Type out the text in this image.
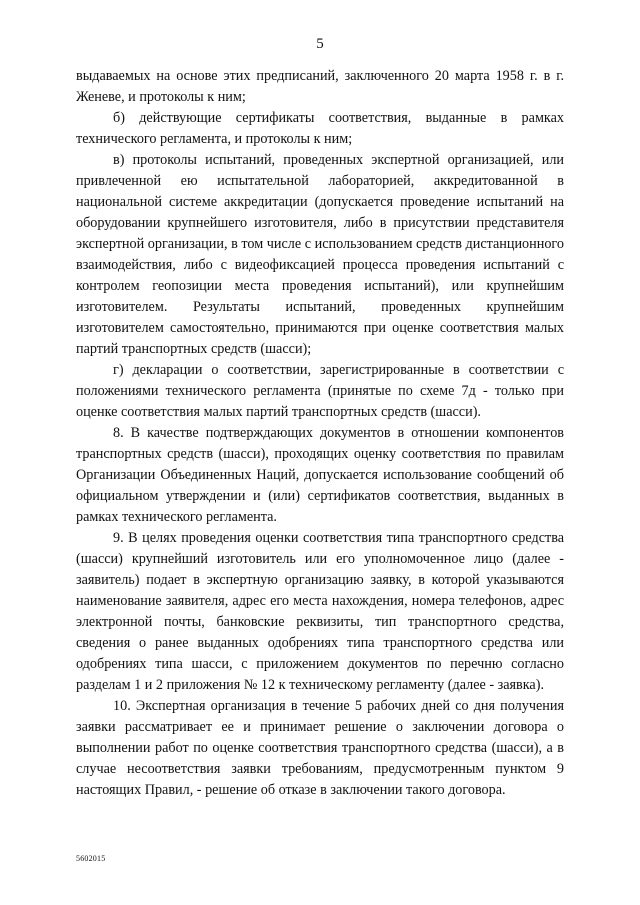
5

выдаваемых на основе этих предписаний, заключенного 20 марта 1958 г. в г. Женеве, и протоколы к ним;

б) действующие сертификаты соответствия, выданные в рамках технического регламента, и протоколы к ним;

в) протоколы испытаний, проведенных экспертной организацией, или привлеченной ею испытательной лабораторией, аккредитованной в национальной системе аккредитации (допускается проведение испытаний на оборудовании крупнейшего изготовителя, либо в присутствии представителя экспертной организации, в том числе с использованием средств дистанционного взаимодействия, либо с видеофиксацией процесса проведения испытаний с контролем геопозиции места проведения испытаний), или крупнейшим изготовителем. Результаты испытаний, проведенных крупнейшим изготовителем самостоятельно, принимаются при оценке соответствия малых партий транспортных средств (шасси);

г) декларации о соответствии, зарегистрированные в соответствии с положениями технического регламента (принятые по схеме 7д - только при оценке соответствия малых партий транспортных средств (шасси).

8. В качестве подтверждающих документов в отношении компонентов транспортных средств (шасси), проходящих оценку соответствия по правилам Организации Объединенных Наций, допускается использование сообщений об официальном утверждении и (или) сертификатов соответствия, выданных в рамках технического регламента.

9. В целях проведения оценки соответствия типа транспортного средства (шасси) крупнейший изготовитель или его уполномоченное лицо (далее - заявитель) подает в экспертную организацию заявку, в которой указываются наименование заявителя, адрес его места нахождения, номера телефонов, адрес электронной почты, банковские реквизиты, тип транспортного средства, сведения о ранее выданных одобрениях типа транспортного средства или одобрениях типа шасси, с приложением документов по перечню согласно разделам 1 и 2 приложения № 12 к техническому регламенту (далее - заявка).

10. Экспертная организация в течение 5 рабочих дней со дня получения заявки рассматривает ее и принимает решение о заключении договора о выполнении работ по оценке соответствия транспортного средства (шасси), а в случае несоответствия заявки требованиям, предусмотренным пунктом 9 настоящих Правил, - решение об отказе в заключении такого договора.

5602015
